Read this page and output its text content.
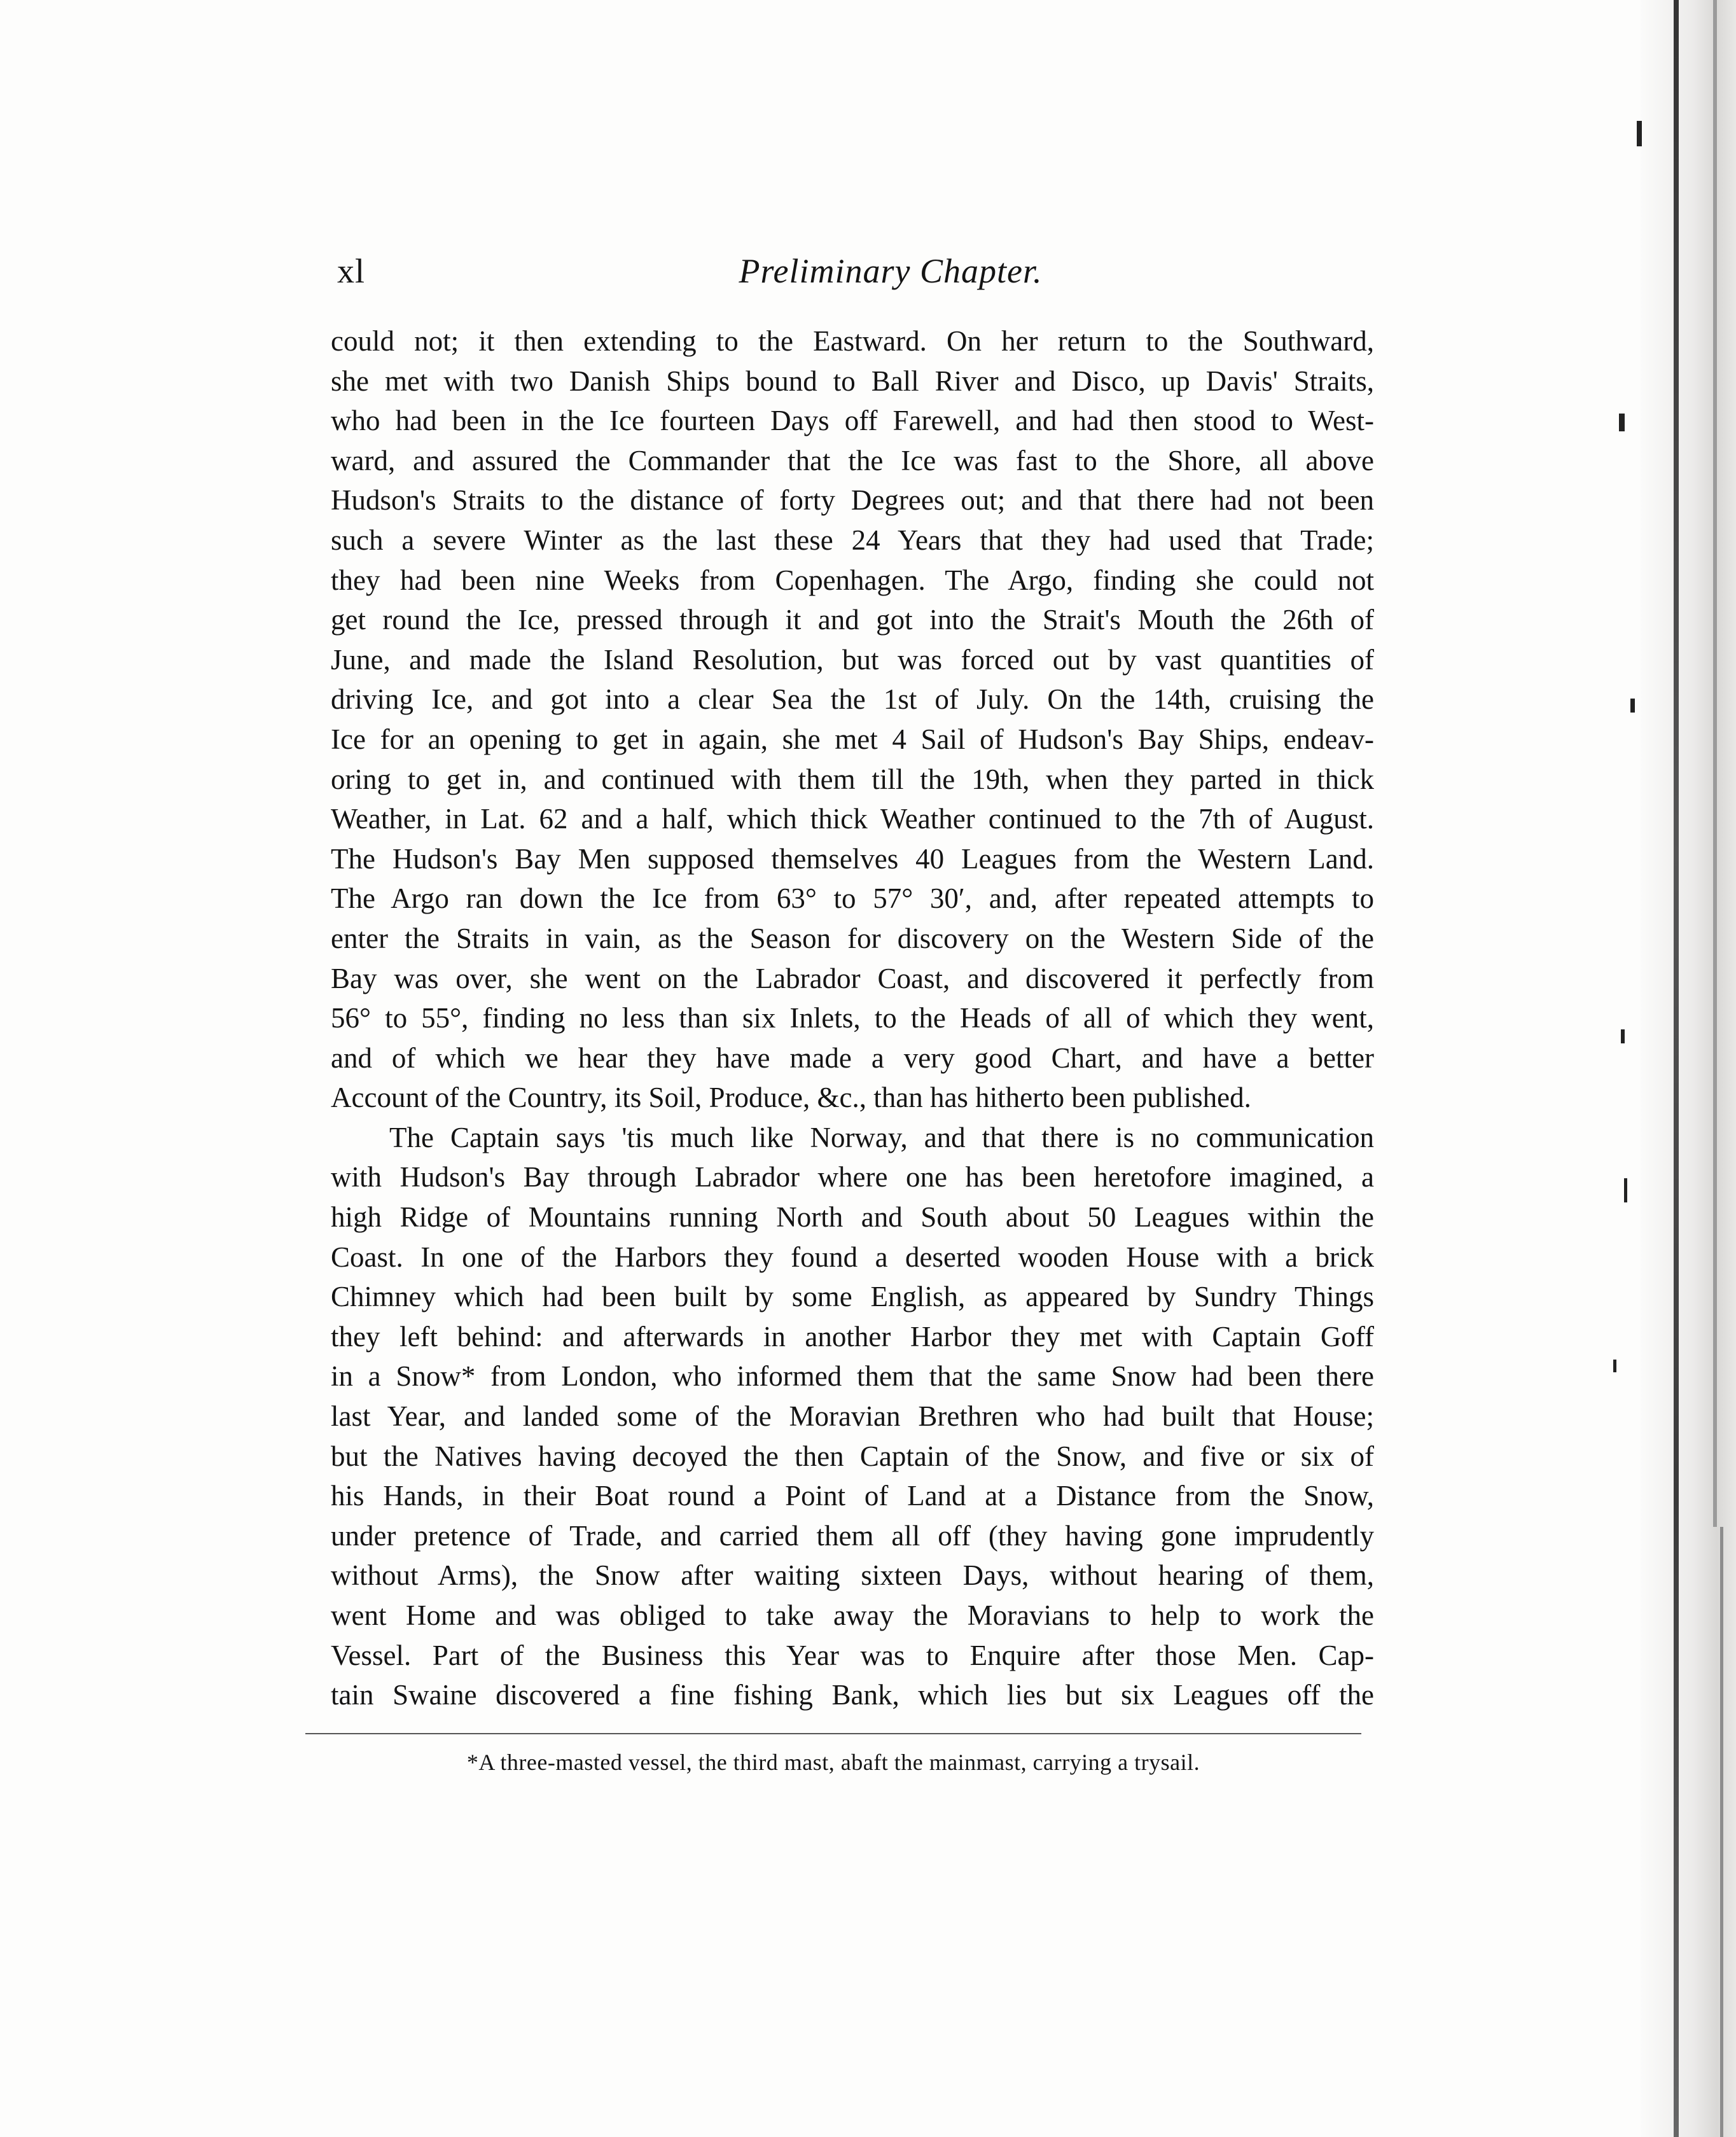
xl	Preliminary Chapter.
could not; it then extending to the Eastward. On her return to the Southward,
she met with two Danish Ships bound to Ball River and Disco, up Davis' Straits,
who had been in the Ice fourteen Days off Farewell, and had then stood to West-
ward, and assured the Commander that the Ice was fast to the Shore, all above
Hudson's Straits to the distance of forty Degrees out; and that there had not been
such a severe Winter as the last these 24 Years that they had used that Trade;
they had been nine Weeks from Copenhagen. The Argo, finding she could not
get round the Ice, pressed through it and got into the Strait's Mouth the 26th of
June, and made the Island Resolution, but was forced out by vast quantities of
driving Ice, and got into a clear Sea the 1st of July. On the 14th, cruising the
Ice for an opening to get in again, she met 4 Sail of Hudson's Bay Ships, endeav-
oring to get in, and continued with them till the 19th, when they parted in thick
Weather, in Lat. 62 and a half, which thick Weather continued to the 7th of August.
The Hudson's Bay Men supposed themselves 40 Leagues from the Western Land.
The Argo ran down the Ice from 63° to 57° 30′, and, after repeated attempts to
enter the Straits in vain, as the Season for discovery on the Western Side of the
Bay was over, she went on the Labrador Coast, and discovered it perfectly from
56° to 55°, finding no less than six Inlets, to the Heads of all of which they went,
and of which we hear they have made a very good Chart, and have a better
Account of the Country, its Soil, Produce, &c., than has hitherto been published.
The Captain says 'tis much like Norway, and that there is no communication
with Hudson's Bay through Labrador where one has been heretofore imagined, a
high Ridge of Mountains running North and South about 50 Leagues within the
Coast. In one of the Harbors they found a deserted wooden House with a brick
Chimney which had been built by some English, as appeared by Sundry Things
they left behind: and afterwards in another Harbor they met with Captain Goff
in a Snow* from London, who informed them that the same Snow had been there
last Year, and landed some of the Moravian Brethren who had built that House;
but the Natives having decoyed the then Captain of the Snow, and five or six of
his Hands, in their Boat round a Point of Land at a Distance from the Snow,
under pretence of Trade, and carried them all off (they having gone imprudently
without Arms), the Snow after waiting sixteen Days, without hearing of them,
went Home and was obliged to take away the Moravians to help to work the
Vessel. Part of the Business this Year was to Enquire after those Men. Cap-
tain Swaine discovered a fine fishing Bank, which lies but six Leagues off the
*A three-masted vessel, the third mast, abaft the mainmast, carrying a trysail.
